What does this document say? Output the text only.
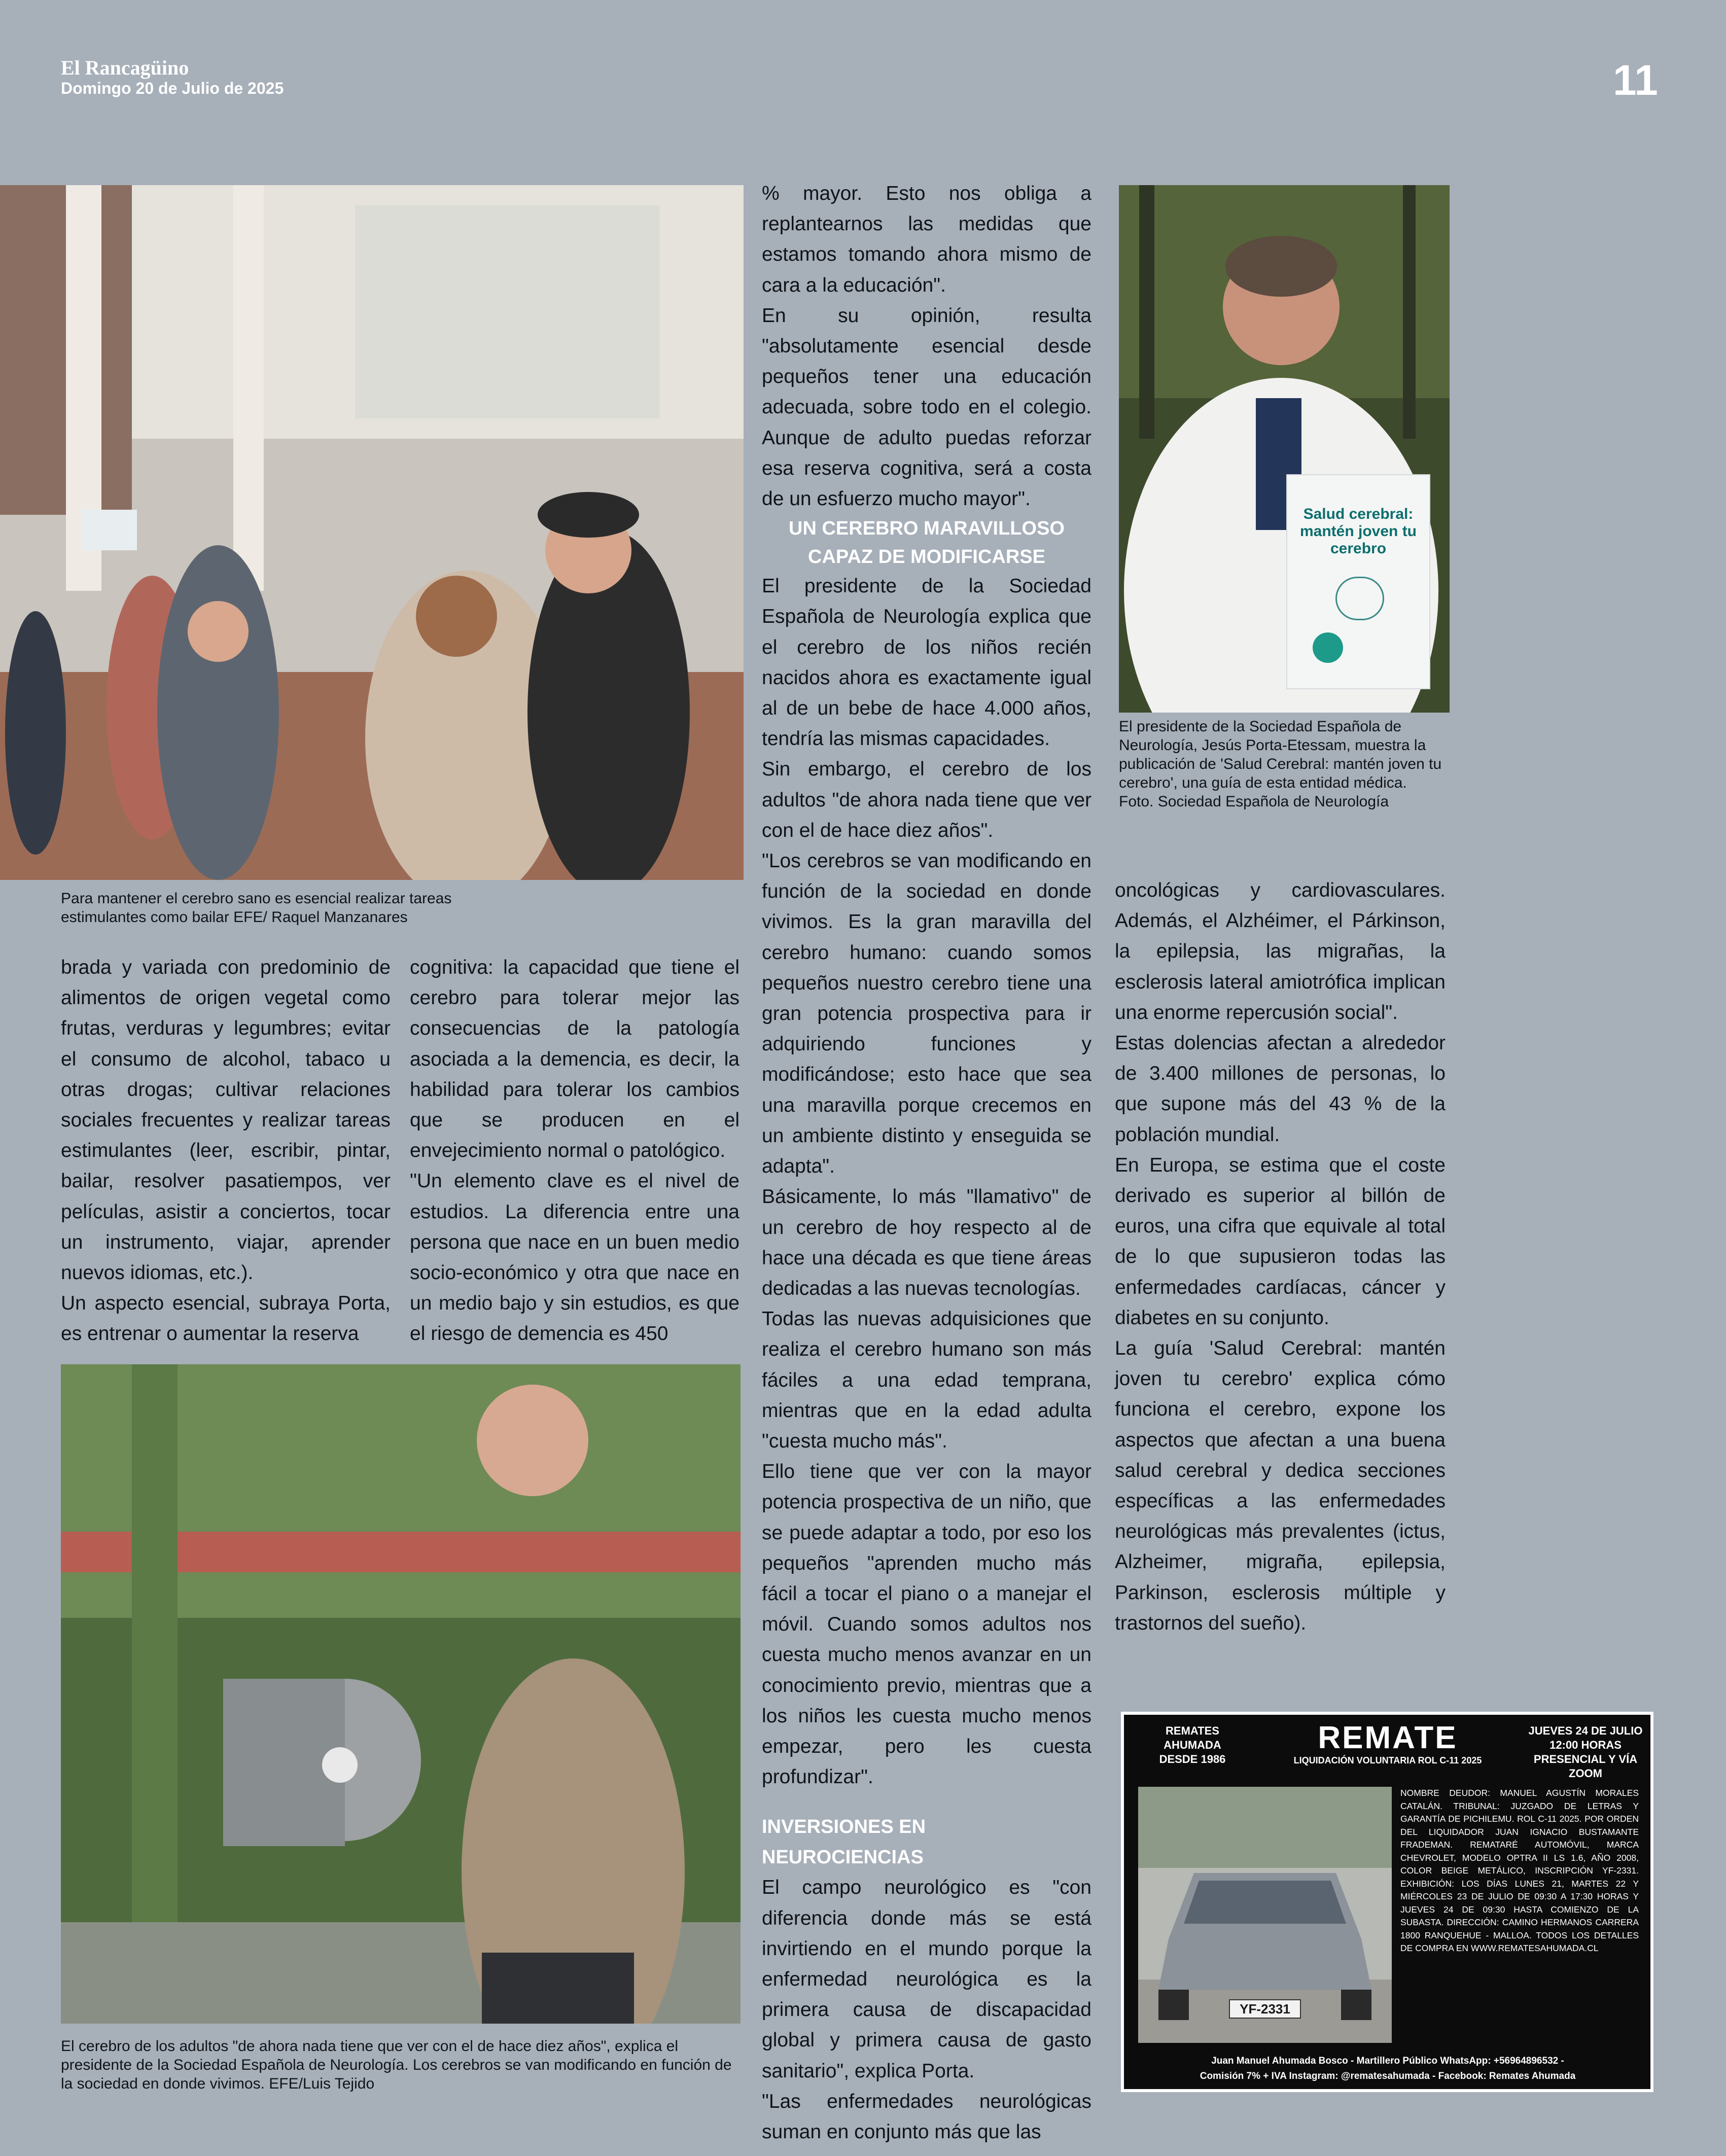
El Rancagüino
Domingo 20 de Julio de 2025	11

Para mantener el cerebro sano es esencial realizar tareas estimulantes como bailar EFE/ Raquel Manzanares

brada y variada con predominio de alimentos de origen vegetal como frutas, verduras y legumbres; evitar el consumo de alcohol, tabaco u otras drogas; cultivar relaciones sociales frecuentes y realizar tareas estimulantes (leer, escribir, pintar, bailar, resolver pasatiempos, ver películas, asistir a conciertos, tocar un instrumento, viajar, aprender nuevos idiomas, etc.).

Un aspecto esencial, subraya Porta, es entrenar o aumentar la reserva

cognitiva: la capacidad que tiene el cerebro para tolerar mejor las consecuencias de la patología asociada a la demencia, es decir, la habilidad para tolerar los cambios que se producen en el envejecimiento normal o patológico.

"Un elemento clave es el nivel de estudios. La diferencia entre una persona que nace en un buen medio socio-económico y otra que nace en un medio bajo y sin estudios, es que el riesgo de demencia es 450

El cerebro de los adultos "de ahora nada tiene que ver con el de hace diez años", explica el presidente de la Sociedad Española de Neurología. Los cerebros se van modificando en función de la sociedad en donde vivimos. EFE/Luis Tejido

% mayor. Esto nos obliga a replantearnos las medidas que estamos tomando ahora mismo de cara a la educación".

En su opinión, resulta "absolutamente esencial desde pequeños tener una educación adecuada, sobre todo en el colegio. Aunque de adulto puedas reforzar esa reserva cognitiva, será a costa de un esfuerzo mucho mayor".

UN CEREBRO MARAVILLOSO

CAPAZ DE MODIFICARSE

El presidente de la Sociedad Española de Neurología explica que el cerebro de los niños recién nacidos ahora es exactamente igual al de un bebe de hace 4.000 años, tendría las mismas capacidades.

Sin embargo, el cerebro de los adultos "de ahora nada tiene que ver con el de hace diez años".

"Los cerebros se van modificando en función de la sociedad en donde vivimos. Es la gran maravilla del cerebro humano: cuando somos pequeños nuestro cerebro tiene una gran potencia prospectiva para ir adquiriendo funciones y modificándose; esto hace que sea una maravilla porque crecemos en un ambiente distinto y enseguida se adapta".

Básicamente, lo más "llamativo" de un cerebro de hoy respecto al de hace una década es que tiene áreas dedicadas a las nuevas tecnologías.

Todas las nuevas adquisiciones que realiza el cerebro humano son más fáciles a una edad temprana, mientras que en la edad adulta "cuesta mucho más".

Ello tiene que ver con la mayor potencia prospectiva de un niño, que se puede adaptar a todo, por eso los pequeños "aprenden mucho más fácil a tocar el piano o a manejar el móvil. Cuando somos adultos nos cuesta mucho menos avanzar en un conocimiento previo, mientras que a los niños les cuesta mucho menos empezar, pero les cuesta profundizar".

INVERSIONES EN NEUROCIENCIAS

El campo neurológico es "con diferencia donde más se está invirtiendo en el mundo porque la enfermedad neurológica es la primera causa de discapacidad global y primera causa de gasto sanitario", explica Porta.

"Las enfermedades neurológicas suman en conjunto más que las

Salud cerebral: mantén joven tu cerebro

El presidente de la Sociedad Española de Neurología, Jesús Porta-Etessam, muestra la publicación de 'Salud Cerebral: mantén joven tu cerebro', una guía de esta entidad médica. Foto. Sociedad Española de Neurología

oncológicas y cardiovasculares. Además, el Alzhéimer, el Párkinson, la epilepsia, las migrañas, la esclerosis lateral amiotrófica implican una enorme repercusión social".

Estas dolencias afectan a alrededor de 3.400 millones de personas, lo que supone más del 43 % de la población mundial.

En Europa, se estima que el coste derivado es superior al billón de euros, una cifra que equivale al total de lo que supusieron todas las enfermedades cardíacas, cáncer y diabetes en su conjunto.

La guía 'Salud Cerebral: mantén joven tu cerebro' explica cómo funciona el cerebro, expone los aspectos que afectan a una buena salud cerebral y dedica secciones específicas a las enfermedades neurológicas más prevalentes (ictus, Alzheimer, migraña, epilepsia, Parkinson, esclerosis múltiple y trastornos del sueño).

REMATES
AHUMADA
DESDE 1986
REMATE
LIQUIDACIÓN VOLUNTARIA ROL C-11 2025
JUEVES 24 DE JULIO
12:00 HORAS
PRESENCIAL Y VÍA ZOOM
YF-2331
NOMBRE DEUDOR: MANUEL AGUSTÍN MORALES CATALÁN. TRIBUNAL: JUZGADO DE LETRAS Y GARANTÍA DE PICHILEMU. ROL C-11 2025. POR ORDEN DEL LIQUIDADOR JUAN IGNACIO BUSTAMANTE FRADEMAN. REMATARÉ AUTOMÓVIL, MARCA CHEVROLET, MODELO OPTRA II LS 1.6, AÑO 2008, COLOR BEIGE METÁLICO, INSCRIPCIÓN YF-2331. EXHIBICIÓN: LOS DÍAS LUNES 21, MARTES 22 Y MIÉRCOLES 23 DE JULIO DE 09:30 A 17:30 HORAS Y JUEVES 24 DE 09:30 HASTA COMIENZO DE LA SUBASTA. DIRECCIÓN: CAMINO HERMANOS CARRERA 1800 RANQUEHUE - MALLOA. TODOS LOS DETALLES DE COMPRA EN WWW.REMATESAHUMADA.CL
Juan Manuel Ahumada Bosco - Martillero Público WhatsApp: +56964896532 -
Comisión 7% + IVA Instagram: @rematesahumada - Facebook: Remates Ahumada
